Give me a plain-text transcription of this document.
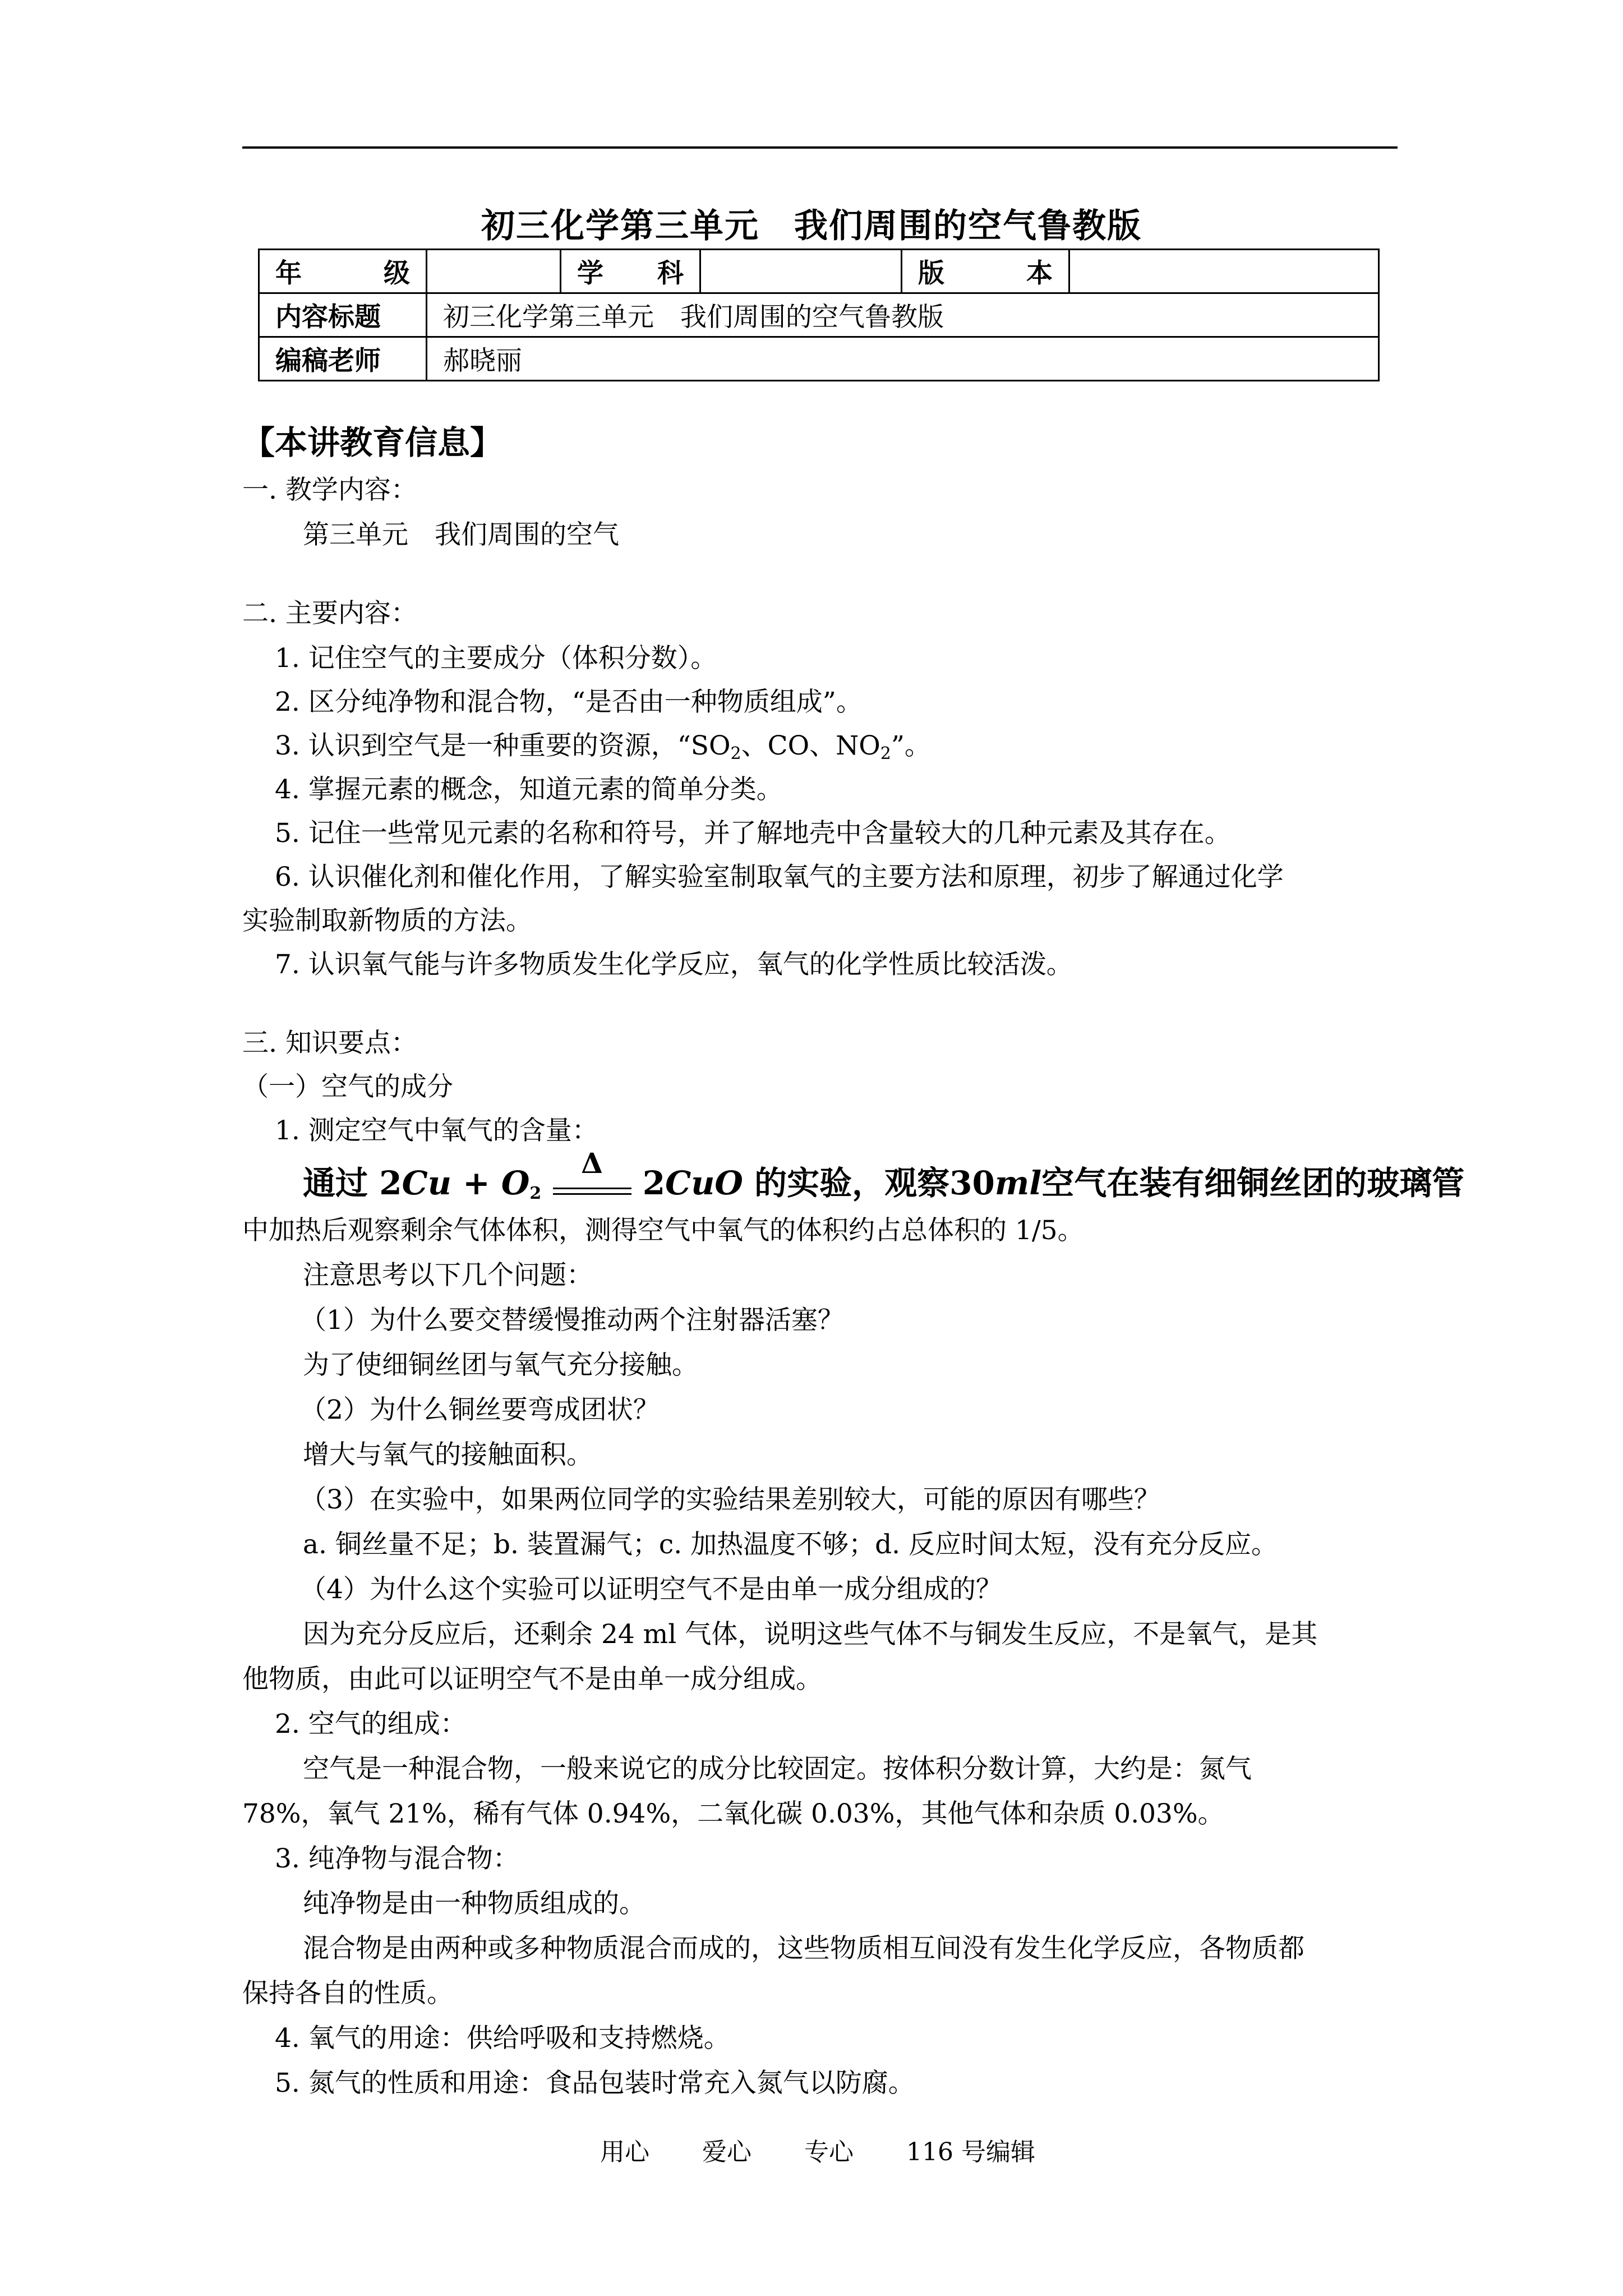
初三化学第三单元　我们周围的空气鲁教版
年 级		学 科		版 本	

内容标题	初三化学第三单元　我们周围的空气鲁教版				
编稿老师	郝晓丽				
【本讲教育信息】
一. 教学内容：
第三单元　我们周围的空气
二. 主要内容：
1. 记住空气的主要成分（体积分数）。
2. 区分纯净物和混合物，“是否由一种物质组成”。
3. 认识到空气是一种重要的资源，“$SO_2$、CO、$NO_2$”。
4. 掌握元素的概念，知道元素的简单分类。
5. 记住一些常见元素的名称和符号，并了解地壳中含量较大的几种元素及其存在。
6. 认识催化剂和催化作用，了解实验室制取氧气的主要方法和原理，初步了解通过化学
实验制取新物质的方法。
7. 认识氧气能与许多物质发生化学反应，氧气的化学性质比较活泼。
三. 知识要点：
（一）空气的成分
1. 测定空气中氧气的含量：
通过 $2Cu + O_2$
Δ
2CuO 的实验，观察30ml空气在装有细铜丝团的玻璃管
中加热后观察剩余气体体积，测得空气中氧气的体积约占总体积的 1/5。
注意思考以下几个问题：
（1）为什么要交替缓慢推动两个注射器活塞？
为了使细铜丝团与氧气充分接触。
（2）为什么铜丝要弯成团状？
增大与氧气的接触面积。
（3）在实验中，如果两位同学的实验结果差别较大，可能的原因有哪些？
a. 铜丝量不足；b. 装置漏气；c. 加热温度不够；d. 反应时间太短，没有充分反应。
（4）为什么这个实验可以证明空气不是由单一成分组成的？
因为充分反应后，还剩余 24 ml 气体，说明这些气体不与铜发生反应，不是氧气，是其
他物质，由此可以证明空气不是由单一成分组成。
2. 空气的组成：
空气是一种混合物，一般来说它的成分比较固定。按体积分数计算，大约是：氮气
78%，氧气 21%，稀有气体 0.94%，二氧化碳 0.03%，其他气体和杂质 0.03%。
3. 纯净物与混合物：
纯净物是由一种物质组成的。
混合物是由两种或多种物质混合而成的，这些物质相互间没有发生化学反应，各物质都
保持各自的性质。
4. 氧气的用途：供给呼吸和支持燃烧。
5. 氮气的性质和用途：食品包装时常充入氮气以防腐。
用心 爱心 专心 116 号编辑
